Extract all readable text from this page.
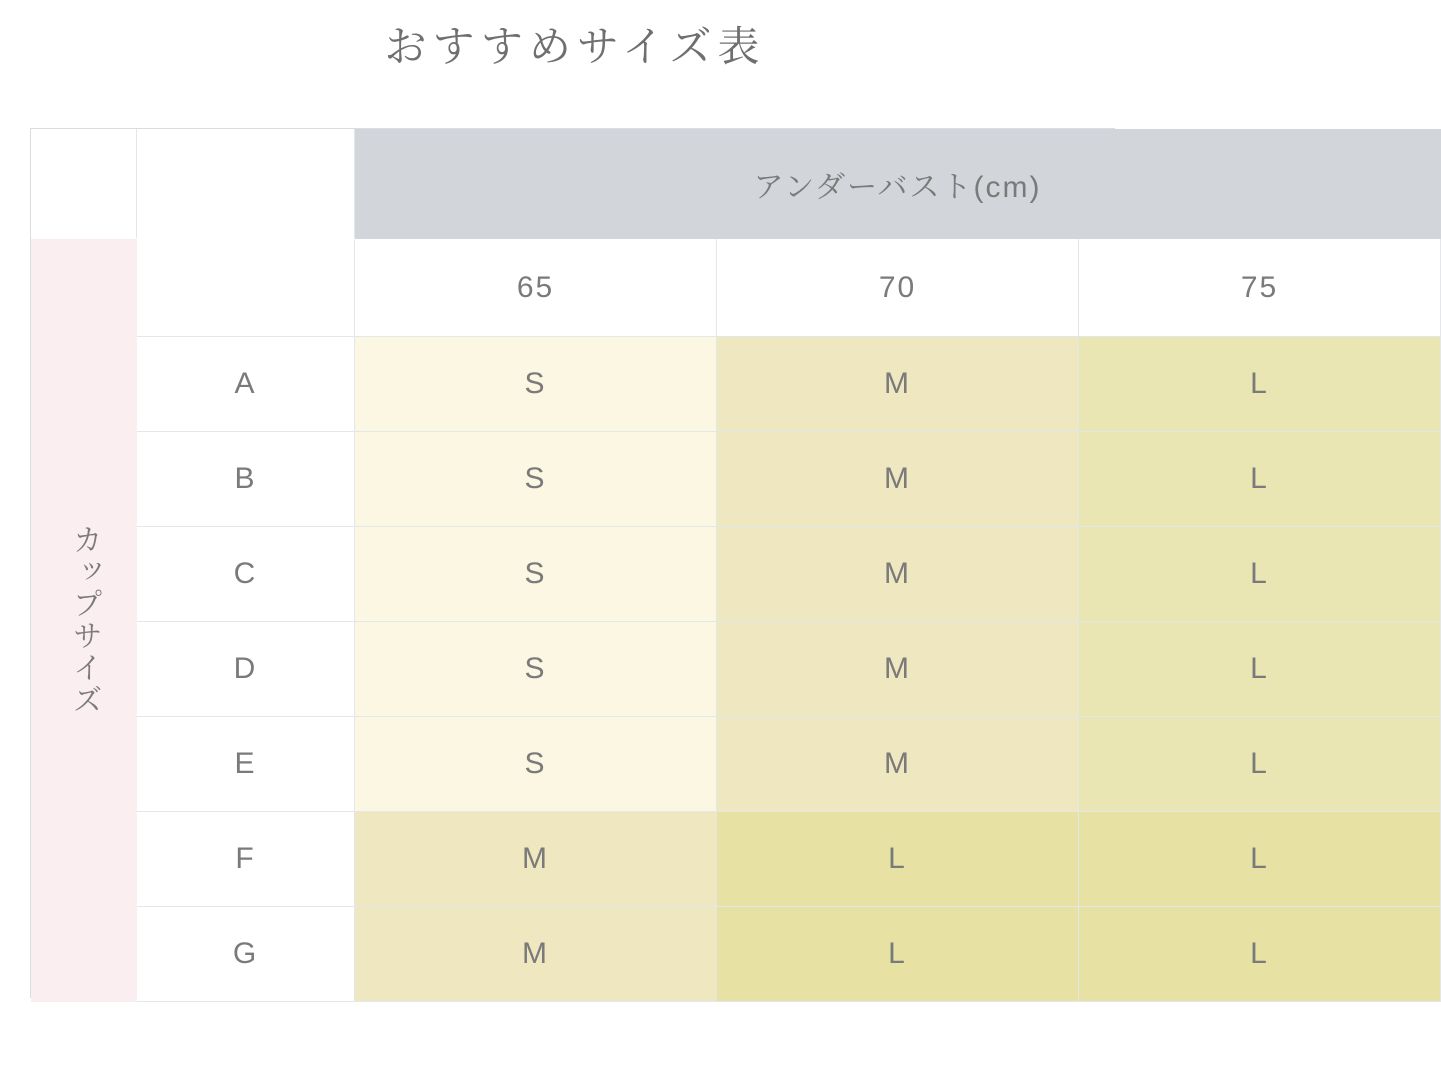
おすすめサイズ表
		アンダーバスト(cm)		
カップサイズ		65	70	75
	A	S	M	L
	B	S	M	L
	C	S	M	L
	D	S	M	L
	E	S	M	L
	F	M	L	L
	G	M	L	L
